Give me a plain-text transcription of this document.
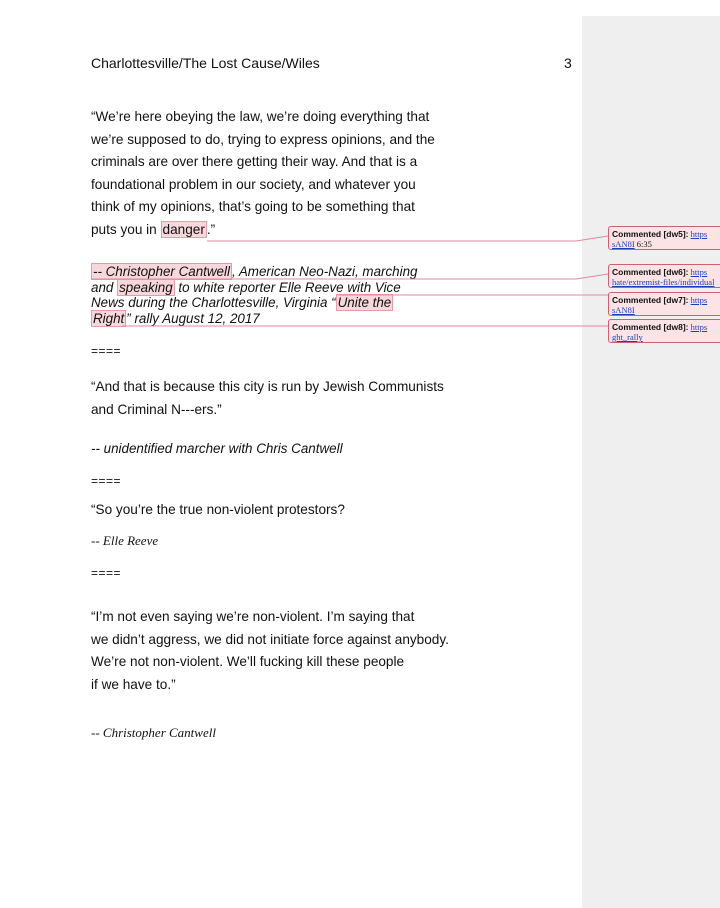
Charlottesville/The Lost Cause/Wiles	3
“We’re here obeying the law, we’re doing everything that
we’re supposed to do, trying to express opinions, and the
criminals are over there getting their way. And that is a
foundational problem in our society, and whatever you
think of my opinions, that’s going to be something that
puts you in danger .”
-- Christopher Cantwell , American Neo-Nazi, marching
and speaking to white reporter Elle Reeve with Vice
News during the Charlottesville, Virginia “ Unite the
Right ” rally August 12, 2017
====
“And that is because this city is run by Jewish Communists
and Criminal N---ers.”
-- unidentified marcher with Chris Cantwell
====
“So you’re the true non-violent protestors?
-- Elle Reeve
====
“I’m not even saying we’re non-violent. I’m saying that
we didn’t aggress, we did not initiate force against anybody.
We’re not non-violent. We’ll fucking kill these people
if we have to.”
-- Christopher Cantwell
Commented [dw5]: https
sAN8I 6:35
Commented [dw6]: https
hate/extremist-files/individual
Commented [dw7]: https
sAN8I
Commented [dw8]: https
ght_rally
